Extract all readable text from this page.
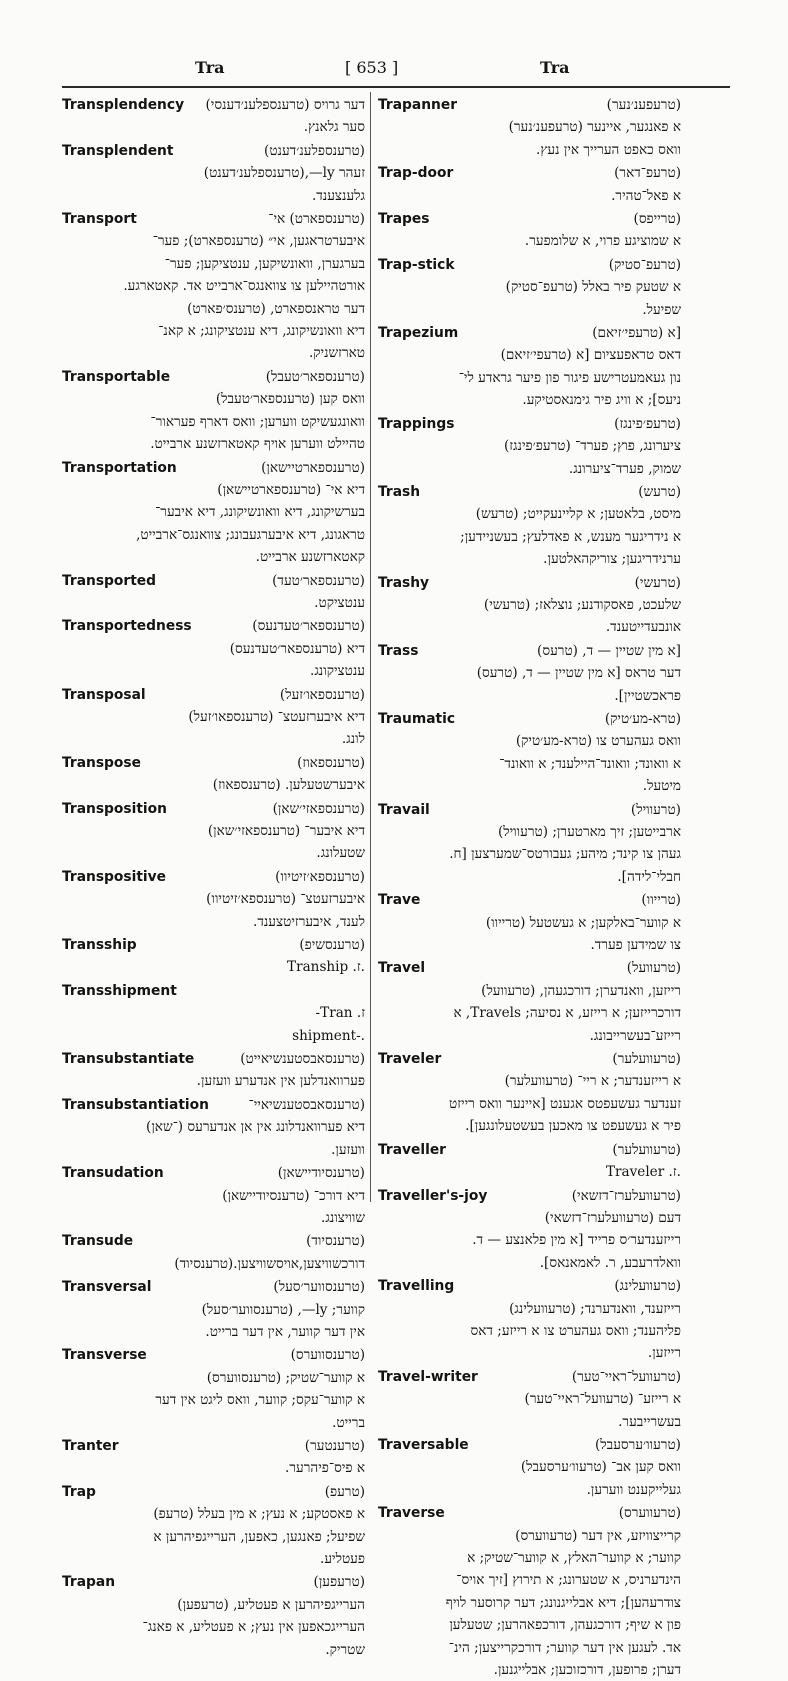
Tra	[ 653 ]	Tra
Transplendency	דער גרויס (טרענספלענ׳דענסי)
סער גלאנץ.
Transplendent	(טרענספלענ׳דענט)
זעהר ly—,(טרענספלענ׳דענט)
גלענצענד.
Transport	(טרענספארט) אי־
איבערטראגען, אי״ (טרענספארט); פער־
בערגערן, וואונשיקען, ענטציקען; פער־
אורטהיילען צו צוואנגס־ארבייט אד. קאטארגע.
דער טראנספארט, (טרענס׳פארט)
דיא וואונשיקונג, דיא ענטציקונג; א קאנ־
טארזשניק.
Transportable	(טרענספאר׳טעבל)
וואס קען (טרענספאר׳טעבל)
וואונגעשיקט ווערען; וואס דארף פעראור־
טהיילט ווערען אויף קאטארזשנע ארבייט.
Transportation	(טרענספארטיישאן)
דיא אי־ (טרענספארטיישאן)
בערשיקונג, דיא וואונשיקונג, דיא איבער־
טראגונג, דיא איבערגעבונג; צוואנגס־ארבייט,
קאטארזשנע ארבייט.
Transported	(טרענספאר׳טעד)
ענטציקט.
Transportedness	(טרענספאר׳טעדנעס)
דיא (טרענספאר׳טעדנעס)
ענטציקונג.
Transposal	(טרענספאו׳זעל)
דיא איבערזעטצ־ (טרענספאו׳זעל)
לונג.
Transpose	(טרענספאוז)
איבערשטעלען. (טרענספאוז)
Transposition	(טרענספאזי׳שאן)
דיא איבער־ (טרענספאזי׳שאן)
שטעלונג.
Transpositive	(טרענספא׳זיטיוו)
איבערזעטצ־ (טרענספא׳זיטיוו)
לענד, איבערזיטצענד.
Transship	(טרענסשיפ)
.ז. Tranship
Transshipment
ז. Tran-
.-shipment
Transubstantiate	(טרענסאבסטענשיאייט)
פערוואנדלען אין אנדערע וועזען.
Transubstantiation	(טרענסאבסטענשיאיי־
דיא פערוואנדלונג אין אן אנדערעס (־שאן)
וועזען.
Transudation	(טרענסיודיישאן)
דיא דורכ־ (טרענסיודיישאן)
שוויצונג.
Transude	(טרענסיוד)
דורכשוויצען,אויסשוויצען.(טרענסיוד)
Transversal	(טרענסווער׳סעל)
קווער; ly—, (טרענסווער׳סעל)
אין דער קווער, אין דער ברייט.
Transverse	(טרענסווערס)
א קווער־שטיק; (טרענסווערס)
א קווער־עקס; קווער, וואס ליגט אין דער
ברייט.
Tranter	(טרענטער)
א פיס־פיהרער.
Trap	(טרעפ)
א פאסטקע; א נעץ; א מין בעלל (טרעפ)
שפיעל; פאנגען, כאפען, הערייגפיהרען א
פעטליע.
Trapan	(טרעפען)
הערייגפיהרען א פעטליע, (טרעפען)
הערייגכאפען אין נעץ; א פעטליע, א פאנג־
שטריק.
Trapanner	(טרעפענ׳נער)
א פאנגער, איינער (טרעפענ׳נער)
וואס כאפט הערייך אין נעץ.
Trap-door	(טרעפ־דאר)
א פאל־טהיר.
Trapes	(טרייפס)
א שמוציגע פרוי, א שלומפער.
Trap-stick	(טרעפ־סטיק)
א שטעק פיר באלל (טרעפ־סטיק)
שפיעל.
Trapezium	[א (טרעפי׳זיאם)
דאס טראפעציום [א (טרעפי׳זיאם)
נון געאמעטרישע פיגור פון פיער גראדע לי־
ניעס]; א וויג פיר גימנאסטיקע.
Trappings	(טרעפ׳פינגז)
ציערונג, פוץ; פערד־ (טרעפ׳פינגז)
שמוק, פערד־ציערונג.
Trash	(טרעש)
מיסט, בלאטען; א קליינעקייט; (טרעש)
א נידריגער מענש, א פאדלעץ; בעשניידען;
ערנידריגען; צוריקהאלטען.
Trashy	(טרעשי)
שלעכט, פאסקודנע; נוצלאז; (טרעשי)
אונבעדייטענד.
Trass	[א מין שטיין — ד, (טרעס)
דער טראס [א מין שטיין — ד, (טרעס)
פראכשטיין].
Traumatic	(טרא-מע׳טיק)
וואס געהערט צו (טרא-מע׳טיק)
א וואונד; וואונד־היילענד; א וואונד־
מיטעל.
Travail	(טרעוויל)
ארבייטען; זיך מארטערן; (טרעוויל)
געהן צו קינד; מיהע; געבורטס־שמערצען [ח.
חבלי־לידה].
Trave	(טרייוו)
א קווער־באלקען; א געשטעל (טרייוו)
צו שמידען פערד.
Travel	(טרעוועל)
רייזען, וואנדערן; דורכגעהן, (טרעוועל)
דורכרייזען; א רייזע, א נסיעה; Travels, א
רייזע־בעשרייבונג.
Traveler	(טרעוועלער)
א רייזענדער; א ריי־ (טרעוועלער)
זענדער געשעפטס אגענט [איינער וואס רייזט
פיר א געשעפט צו מאכען בעשטעלונגען].
Traveller	(טרעוועלער)
.ז. Traveler
Traveller's-joy	(טרעוועלערז־דזשאי)
דעם (טרעוועלערז־דזשאי)
רייזענדער׳ס פרייד [א מין פלאנצע — ד.
וואלדרעבע, ר. לאמאנאס].
Travelling	(טרעוועלינג)
רייזענד, וואנדערנד; (טרעוועלינג)
פליהענד; וואס געהערט צו א רייזע; דאס
רייזען.
Travel-writer	(טרעוועל־ראיי־טער)
א רייזע־ (טרעוועל־ראיי־טער)
בעשרייבער.
Traversable	(טרעוו׳ערסעבל)
וואס קען אב־ (טרעוו׳ערסעבל)
געלייקענט ווערען.
Traverse	(טרעווערס)
קרייצוויזע, אין דער (טרעווערס)
קווער; א קווער־האלץ, א קווער־שטיק; א
הינדערניס, א שטערונג; א תירוץ [זיך אויס־
צודרעהען]; דיא אבלייגנונג; דער קרוסער לויף
פון א שיף; דורכגעהן, דורכפאהרען; שטעלען
אד. לעגען אין דער קווער; דורכקרייצען; הינ־
דערן; פרופען, דורכזוכען; אבלייגנען.
